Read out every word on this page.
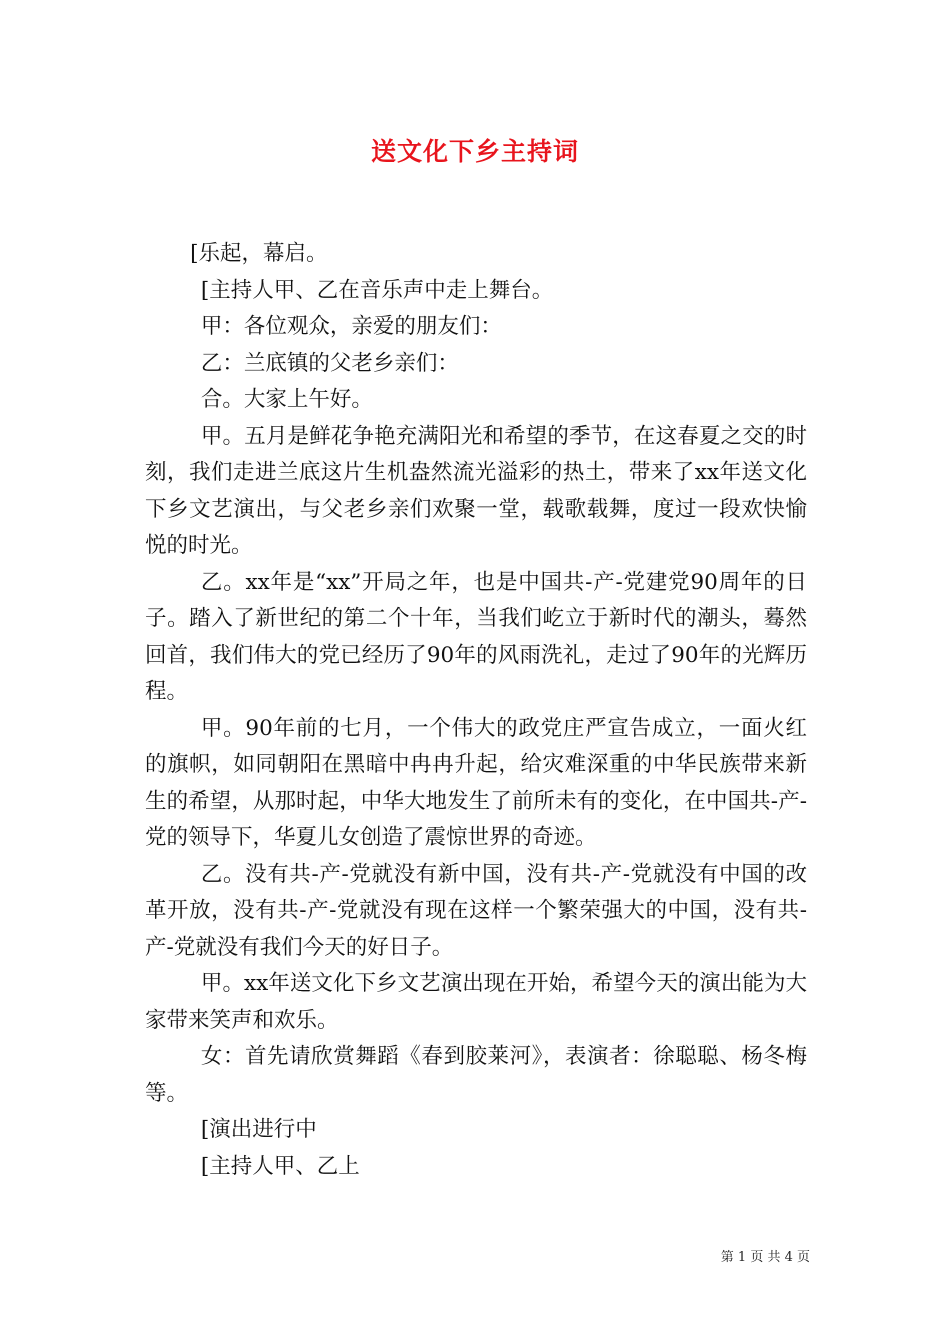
送文化下乡主持词

[乐起，幕启。

[主持人甲、乙在音乐声中走上舞台。

甲：各位观众，亲爱的朋友们：

乙：兰底镇的父老乡亲们：

合。大家上午好。

甲。五月是鲜花争艳充满阳光和希望的季节，在这春夏之交的时刻，我们走进兰底这片生机盎然流光溢彩的热土，带来了xx年送文化下乡文艺演出，与父老乡亲们欢聚一堂，载歌载舞，度过一段欢快愉悦的时光。

乙。xx年是“xx”开局之年，也是中国共-产-党建党90周年的日子。踏入了新世纪的第二个十年，当我们屹立于新时代的潮头，蓦然回首，我们伟大的党已经历了90年的风雨洗礼，走过了90年的光辉历程。

甲。90年前的七月，一个伟大的政党庄严宣告成立，一面火红的旗帜，如同朝阳在黑暗中冉冉升起，给灾难深重的中华民族带来新生的希望，从那时起，中华大地发生了前所未有的变化，在中国共-产-党的领导下，华夏儿女创造了震惊世界的奇迹。

乙。没有共-产-党就没有新中国，没有共-产-党就没有中国的改革开放，没有共-产-党就没有现在这样一个繁荣强大的中国，没有共-产-党就没有我们今天的好日子。

甲。xx年送文化下乡文艺演出现在开始，希望今天的演出能为大家带来笑声和欢乐。

女：首先请欣赏舞蹈《春到胶莱河》，表演者：徐聪聪、杨冬梅等。

[演出进行中

[主持人甲、乙上

第 1 页 共 4 页
